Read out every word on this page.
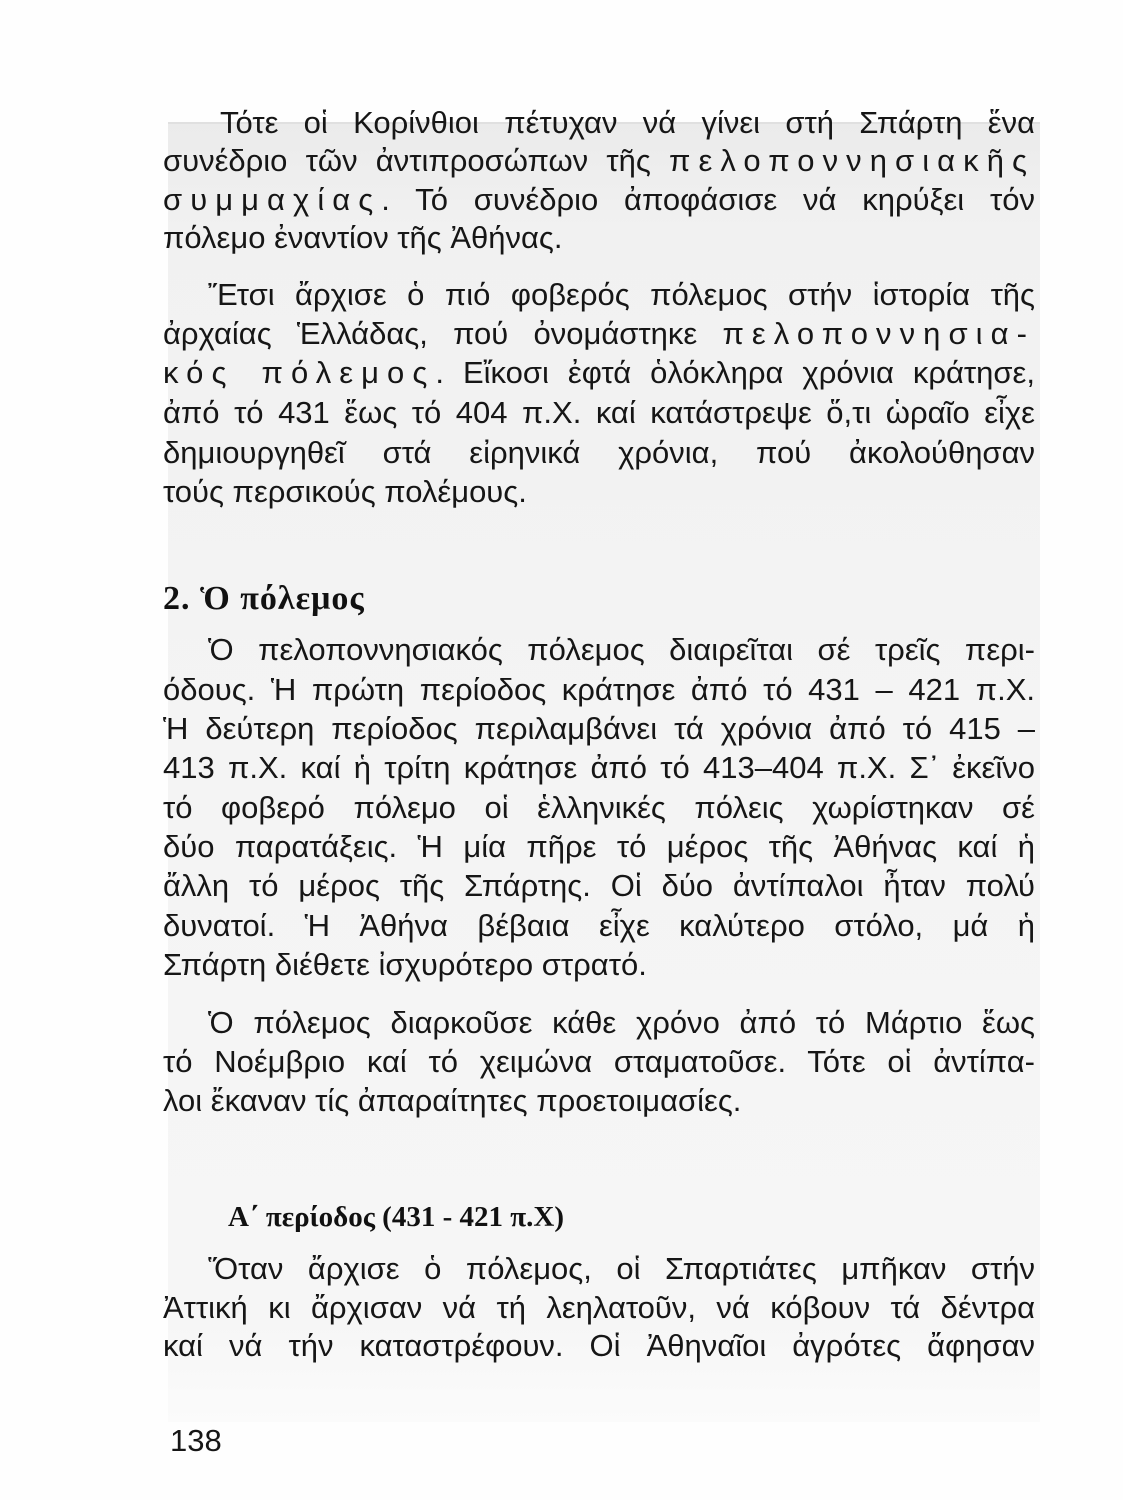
Τότε οἱ Κορίνθιοι πέτυχαν νά γίνει στή Σπάρτη ἕνα
συνέδριο τῶν ἀντιπροσώπων τῆς πελοποννησιακῆς
συμμαχίας. Τό συνέδριο ἀποφάσισε νά κηρύξει τόν
πόλεμο ἐναντίον τῆς Ἀθήνας.
Ἔτσι ἄρχισε ὁ πιό φοβερός πόλεμος στήν ἱστορία τῆς
ἀρχαίας Ἑλλάδας, πού ὀνομάστηκε πελοποννησια-
κός πόλεμος. Εἴκοσι ἐφτά ὁλόκληρα χρόνια κράτησε,
ἀπό τό 431 ἕως τό 404 π.Χ. καί κατάστρεψε ὅ,τι ὡραῖο εἶχε
δημιουργηθεῖ στά εἰρηνικά χρόνια, πού ἀκολούθησαν
τούς περσικούς πολέμους.
2. Ὁ πόλεμος
Ὁ πελοποννησιακός πόλεμος διαιρεῖται σέ τρεῖς περι-
όδους. Ἡ πρώτη περίοδος κράτησε ἀπό τό 431 – 421 π.Χ.
Ἡ δεύτερη περίοδος περιλαμβάνει τά χρόνια ἀπό τό 415 –
413 π.Χ. καί ἡ τρίτη κράτησε ἀπό τό 413–404 π.Χ. Σ᾿ ἐκεῖνο
τό φοβερό πόλεμο οἱ ἑλληνικές πόλεις χωρίστηκαν σέ
δύο παρατάξεις. Ἡ μία πῆρε τό μέρος τῆς Ἀθήνας καί ἡ
ἄλλη τό μέρος τῆς Σπάρτης. Οἱ δύο ἀντίπαλοι ἦταν πολύ
δυνατοί. Ἡ Ἀθήνα βέβαια εἶχε καλύτερο στόλο, μά ἡ
Σπάρτη διέθετε ἰσχυρότερο στρατό.
Ὁ πόλεμος διαρκοῦσε κάθε χρόνο ἀπό τό Μάρτιο ἕως
τό Νοέμβριο καί τό χειμώνα σταματοῦσε. Τότε οἱ ἀντίπα-
λοι ἔκαναν τίς ἀπαραίτητες προετοιμασίες.
Α΄ περίοδος (431 - 421 π.Χ)
Ὅταν ἄρχισε ὁ πόλεμος, οἱ Σπαρτιάτες μπῆκαν στήν
Ἀττική κι ἄρχισαν νά τή λεηλατοῦν, νά κόβουν τά δέντρα
καί νά τήν καταστρέφουν. Οἱ Ἀθηναῖοι ἀγρότες ἄφησαν
138
